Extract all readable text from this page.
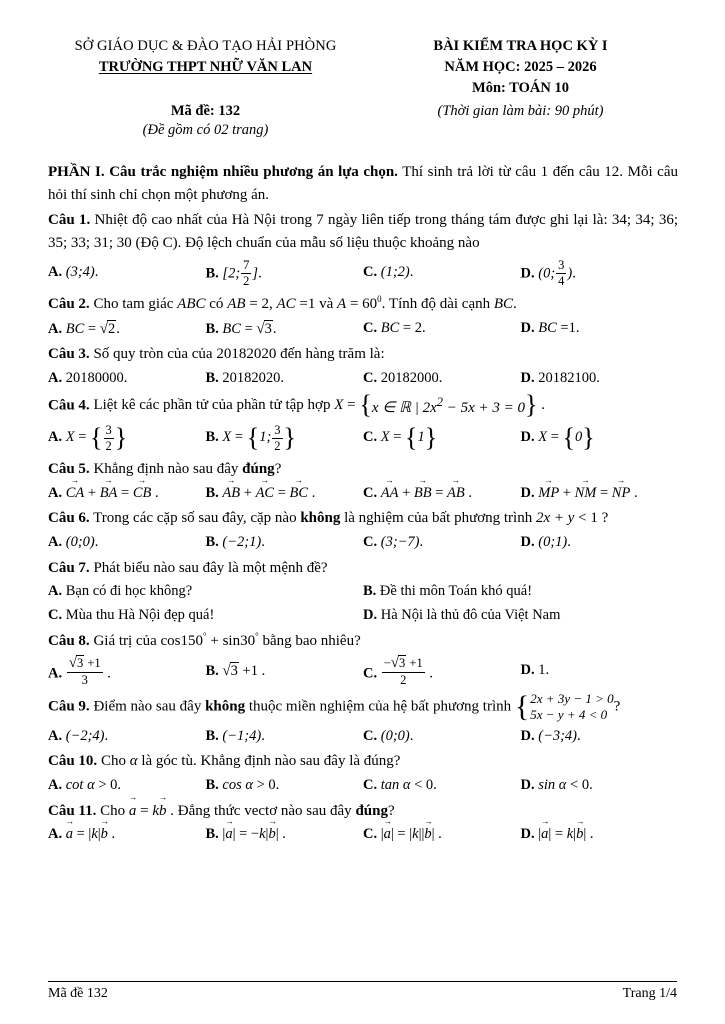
SỞ GIÁO DỤC & ĐÀO TẠO HẢI PHÒNG
TRƯỜNG THPT NHỮ VĂN LAN
BÀI KIỂM TRA HỌC KỲ I
NĂM HỌC: 2025 – 2026
Môn: TOÁN 10
Mã đề: 132	(Thời gian làm bài: 90 phút)
(Đề gồm có 02 trang)
PHẦN I. Câu trắc nghiệm nhiều phương án lựa chọn. Thí sinh trả lời từ câu 1 đến câu 12. Mỗi câu hỏi thí sinh chỉ chọn một phương án.
Câu 1. Nhiệt độ cao nhất của Hà Nội trong 7 ngày liên tiếp trong tháng tám được ghi lại là: 34; 34; 36; 35; 33; 31; 30 (Độ C). Độ lệch chuẩn của mẫu số liệu thuộc khoảng nào
A. (3;4).	B. [2; $\frac{7}{2}$ ].	C. (1;2).	D. (0; $\frac{3}{4}$ ).
Câu 2. Cho tam giác ABC có AB = 2, AC =1 và $A = 60^0$. Tính độ dài cạnh BC.
A. BC = √2.	B. BC = √3.	C. BC = 2.	D. BC =1.
Câu 3. Số quy tròn của của 20182020 đến hàng trăm là:
A. 20180000.	B. 20182020.	C. 20182000.	D. 20182100.
Câu 4. Liệt kê các phần tử của phần tử tập hợp X = { x ∈ ℝ | $2x^2 - 5x + 3 = 0$ } .
A. X = { $\frac{3}{2}$ }	B. X = { 1; $\frac{3}{2}$ }	C. X = { 1 }	D. X = { 0 }
Câu 5. Khẳng định nào sau đây đúng?
A. CA → + BA → = CB → .	B. AB → + AC → = BC → .	C. AA → + BB → = AB → .	D. MP → + NM → = NP → .
Câu 6. Trong các cặp số sau đây, cặp nào không là nghiệm của bất phương trình 2x + y < 1 ?
A. (0;0).	B. (−2;1).	C. (3;−7).	D. (0;1).
Câu 7. Phát biểu nào sau đây là một mệnh đề?
A. Bạn có đi học không?	B. Đề thi môn Toán khó quá!
C. Mùa thu Hà Nội đẹp quá!	D. Hà Nội là thủ đô của Việt Nam
Câu 8. Giá trị của cos150° + sin30° bằng bao nhiêu?
A. $\frac{√3 +1}{3}$ .	B. √3 +1 .	C. $\frac{-√3 +1}{2}$ .	D. 1.
Câu 9. Điểm nào sau đây không thuộc miền nghiệm của hệ bất phương trình { 2x + 3y − 1 > 0
5x − y + 4 < 0
?
A. (−2;4).	B. (−1;4).	C. (0;0).	D. (−3;4).
Câu 10. Cho α là góc tù. Khẳng định nào sau đây là đúng?
A. cot α > 0.	B. cos α > 0.	C. tan α < 0.	D. sin α < 0.
Câu 11. Cho a → = kb → . Đẳng thức vectơ nào sau đây đúng?
A. a → = |k|b → .	B. |a →| = −k|b →| .	C. |a →| = |k||b →| .	D. |a →| = k|b →| .
Mã đề 132	Trang 1/4
